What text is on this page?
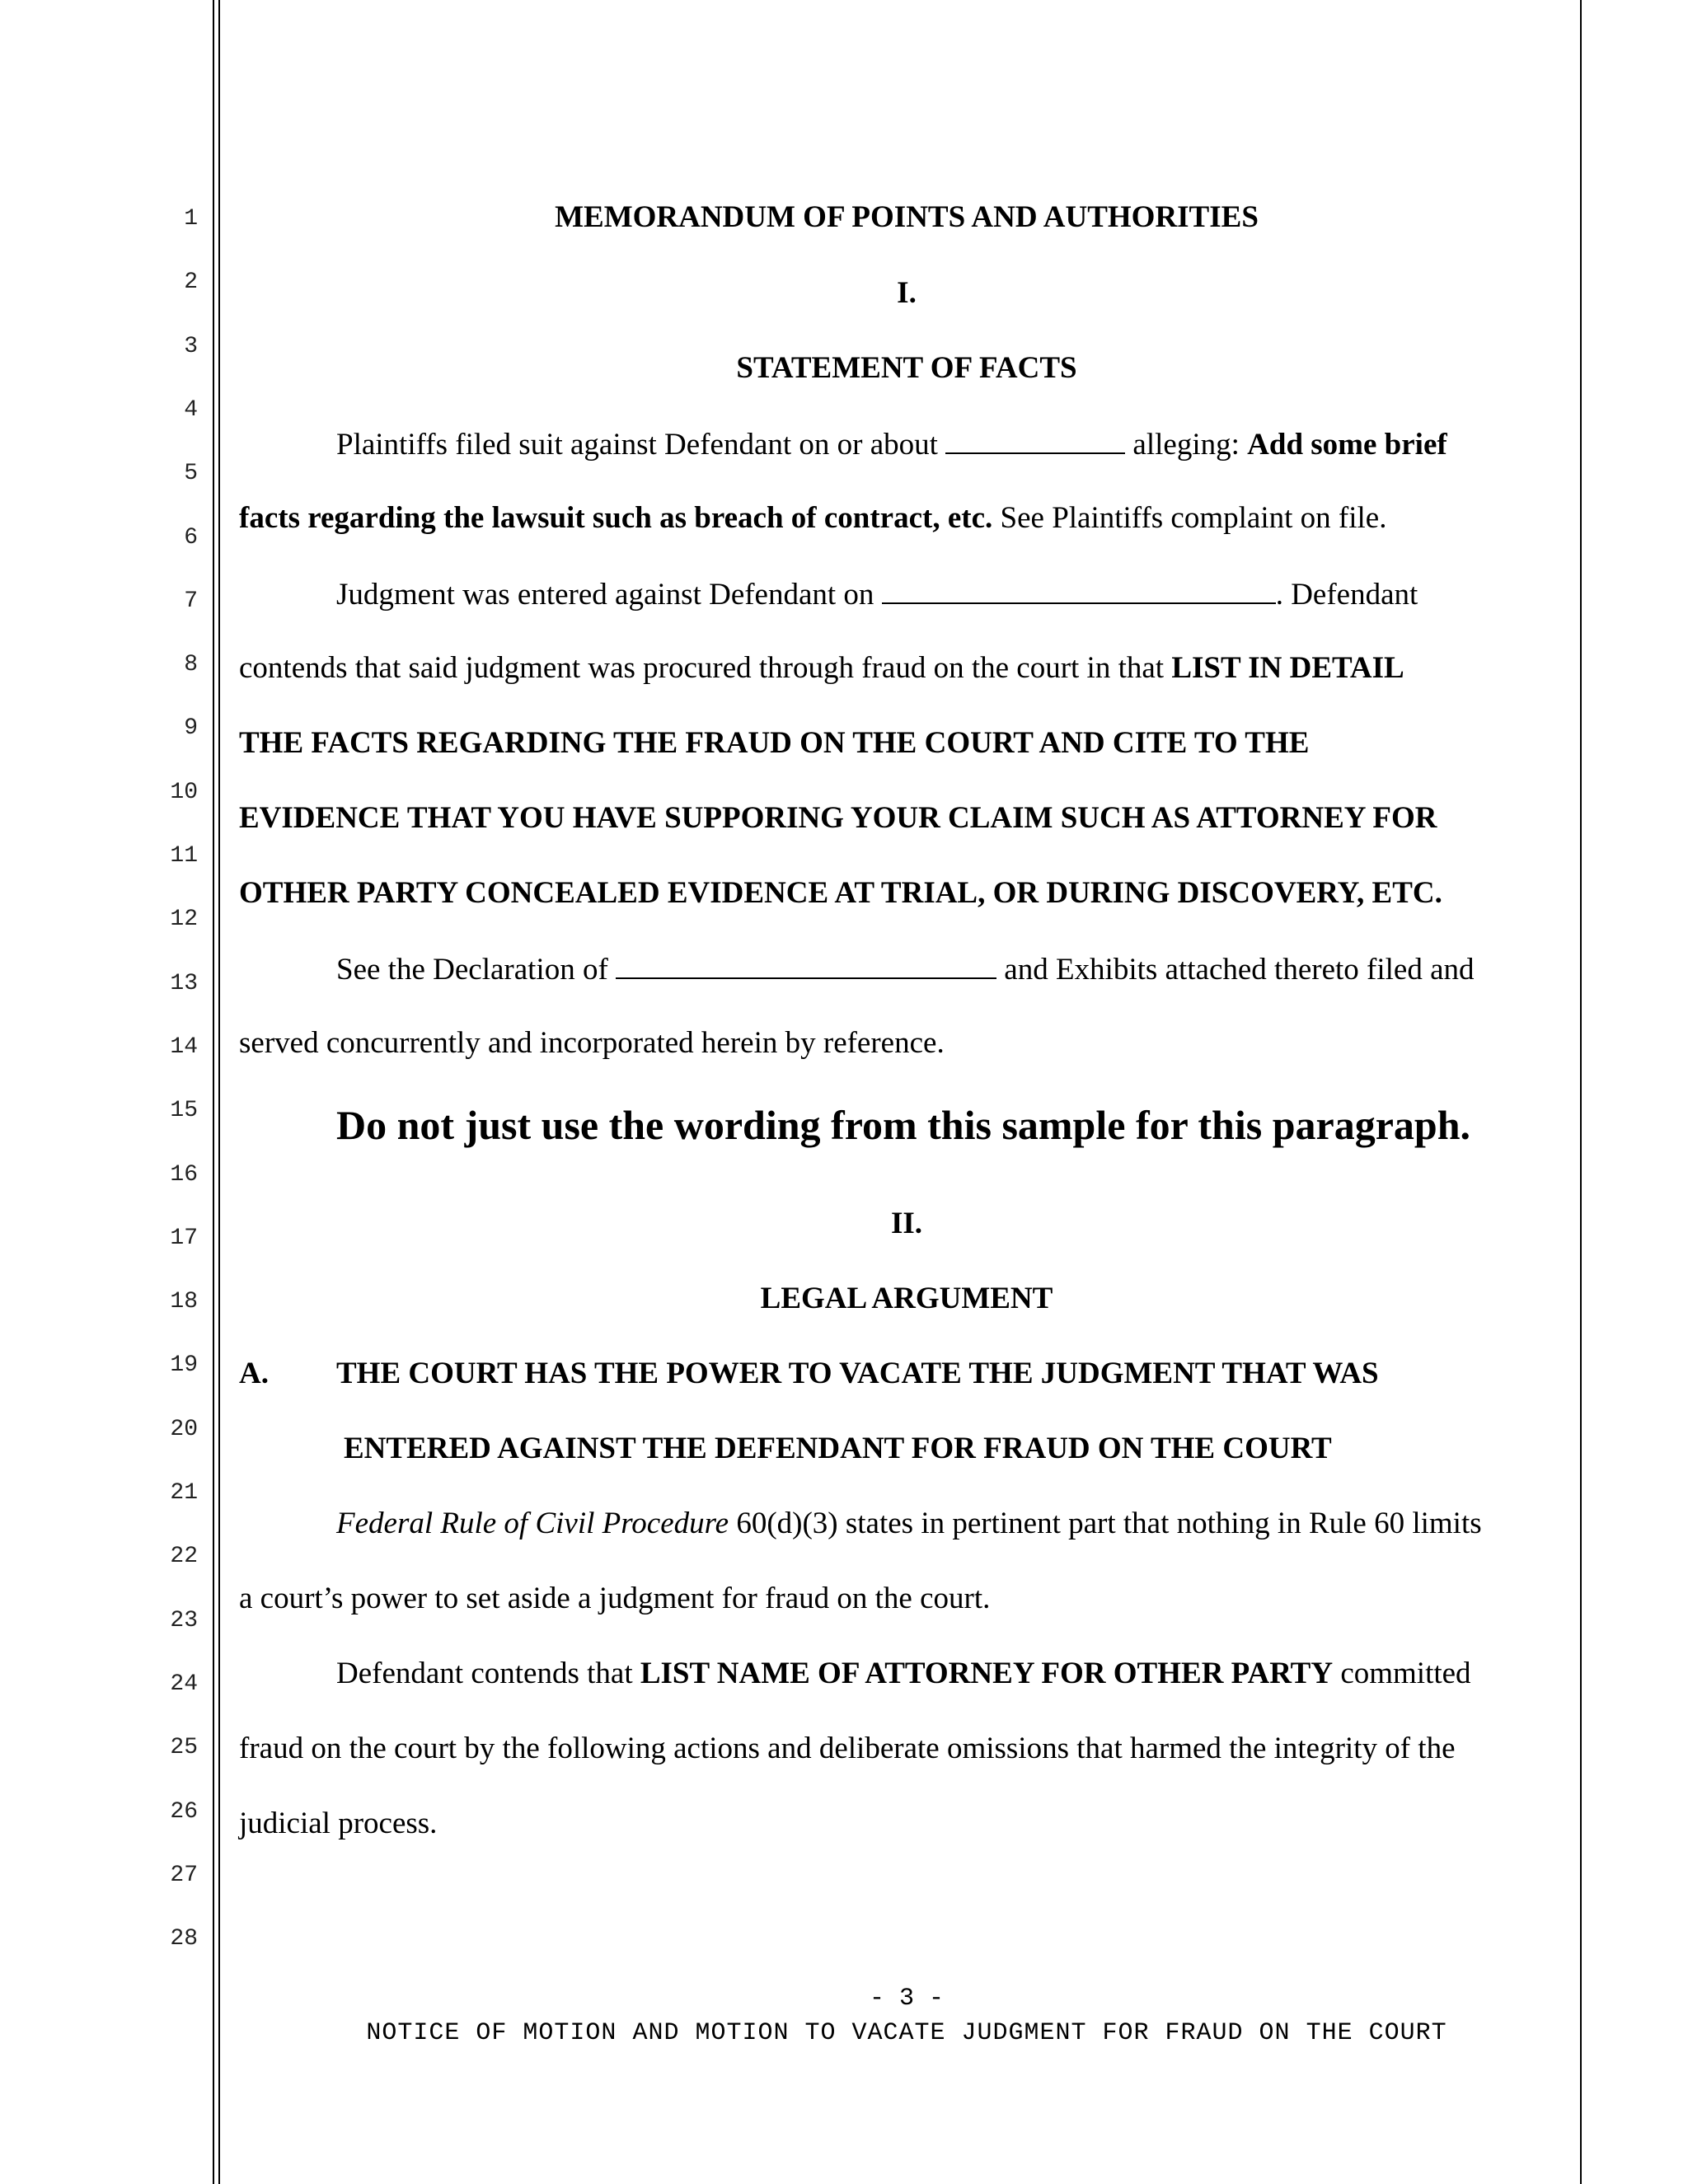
1
2
3
4
5
6
7
8
9
10
11
12
13
14
15
16
17
18
19
20
21
22
23
24
25
26
27
28
MEMORANDUM OF POINTS AND AUTHORITIES
I.
STATEMENT OF FACTS
Plaintiffs filed suit against Defendant on or about	alleging: Add some brief
facts regarding the lawsuit such as breach of contract, etc. See Plaintiffs complaint on file.
Judgment was entered against Defendant on	. Defendant
contends that said judgment was procured through fraud on the court in that LIST IN DETAIL
THE FACTS REGARDING THE FRAUD ON THE COURT AND CITE TO THE
EVIDENCE THAT YOU HAVE SUPPORING YOUR CLAIM SUCH AS ATTORNEY FOR
OTHER PARTY CONCEALED EVIDENCE AT TRIAL, OR DURING DISCOVERY, ETC.
See the Declaration of	and Exhibits attached thereto filed and
served concurrently and incorporated herein by reference.
Do not just use the wording from this sample for this paragraph.
II.
LEGAL ARGUMENT
A. THE COURT HAS THE POWER TO VACATE THE JUDGMENT THAT WAS
ENTERED AGAINST THE DEFENDANT FOR FRAUD ON THE COURT
Federal Rule of Civil Procedure 60(d)(3) states in pertinent part that nothing in Rule 60 limits
a court’s power to set aside a judgment for fraud on the court.
Defendant contends that LIST NAME OF ATTORNEY FOR OTHER PARTY committed
fraud on the court by the following actions and deliberate omissions that harmed the integrity of the
judicial process.
- 3 -
NOTICE OF MOTION AND MOTION TO VACATE JUDGMENT FOR FRAUD ON THE COURT
